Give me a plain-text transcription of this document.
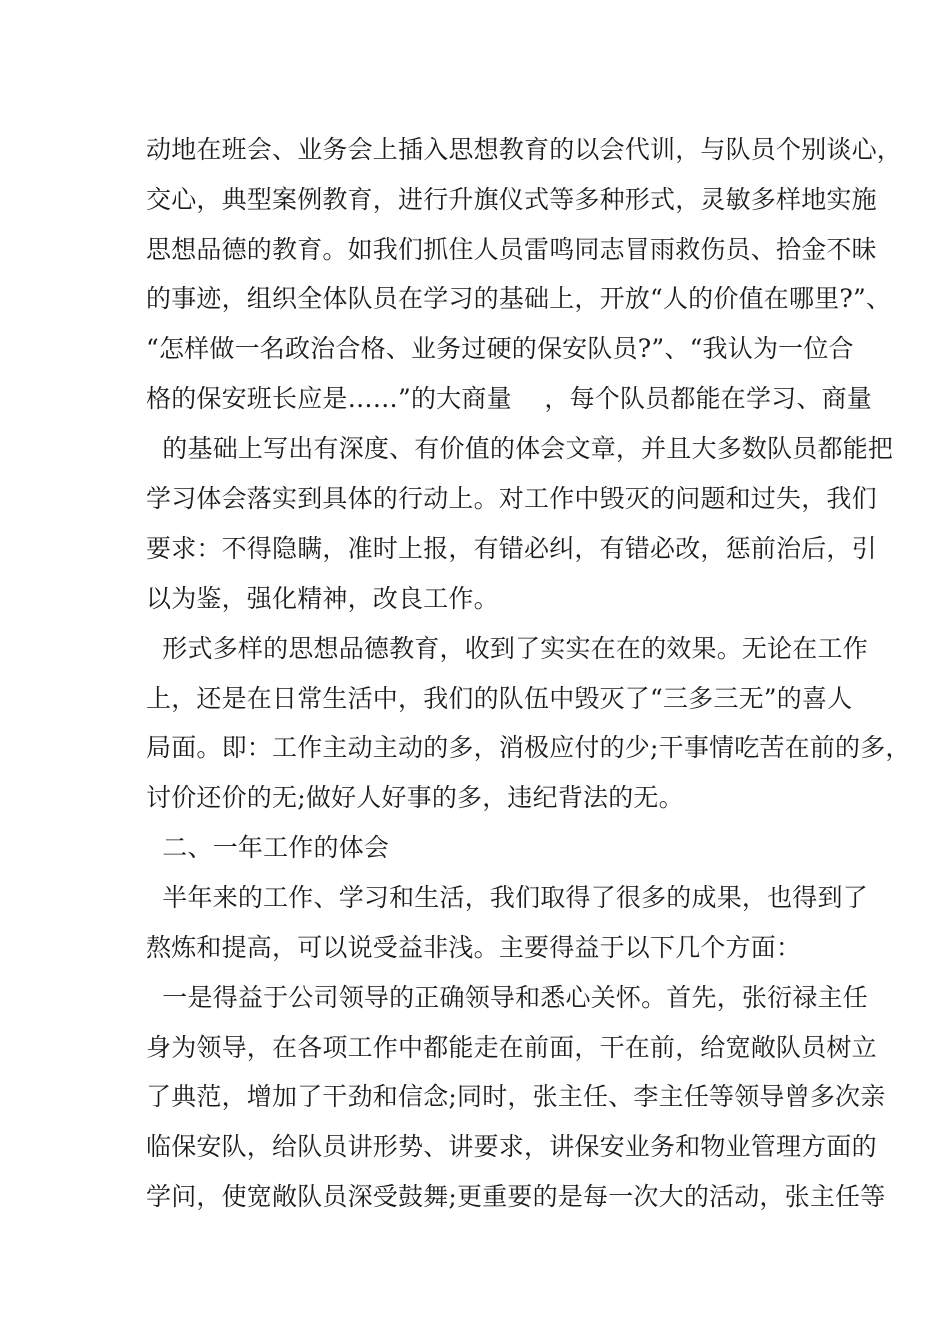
动地在班会、业务会上插入思想教育的以会代训，与队员个别谈心，
交心，典型案例教育，进行升旗仪式等多种形式，灵敏多样地实施
思想品德的教育。如我们抓住人员雷鸣同志冒雨救伤员、拾金不昧
的事迹，组织全体队员在学习的基础上，开放“人的价值在哪里?”、
“怎样做一名政治合格、业务过硬的保安队员?”、“我认为一位合
格的保安班长应是……”的大商量    ，每个队员都能在学习、商量
的基础上写出有深度、有价值的体会文章，并且大多数队员都能把
学习体会落实到具体的行动上。对工作中毁灭的问题和过失，我们
要求：不得隐瞒，准时上报，有错必纠，有错必改，惩前治后，引
以为鉴，强化精神，改良工作。
形式多样的思想品德教育，收到了实实在在的效果。无论在工作
上，还是在日常生活中，我们的队伍中毁灭了“三多三无”的喜人
局面。即：工作主动主动的多，消极应付的少;干事情吃苦在前的多，
讨价还价的无;做好人好事的多，违纪背法的无。
二、一年工作的体会
半年来的工作、学习和生活，我们取得了很多的成果，也得到了
熬炼和提高，可以说受益非浅。主要得益于以下几个方面：
一是得益于公司领导的正确领导和悉心关怀。首先，张衍禄主任
身为领导，在各项工作中都能走在前面，干在前，给宽敞队员树立
了典范，增加了干劲和信念;同时，张主任、李主任等领导曾多次亲
临保安队，给队员讲形势、讲要求，讲保安业务和物业管理方面的
学问，使宽敞队员深受鼓舞;更重要的是每一次大的活动，张主任等
